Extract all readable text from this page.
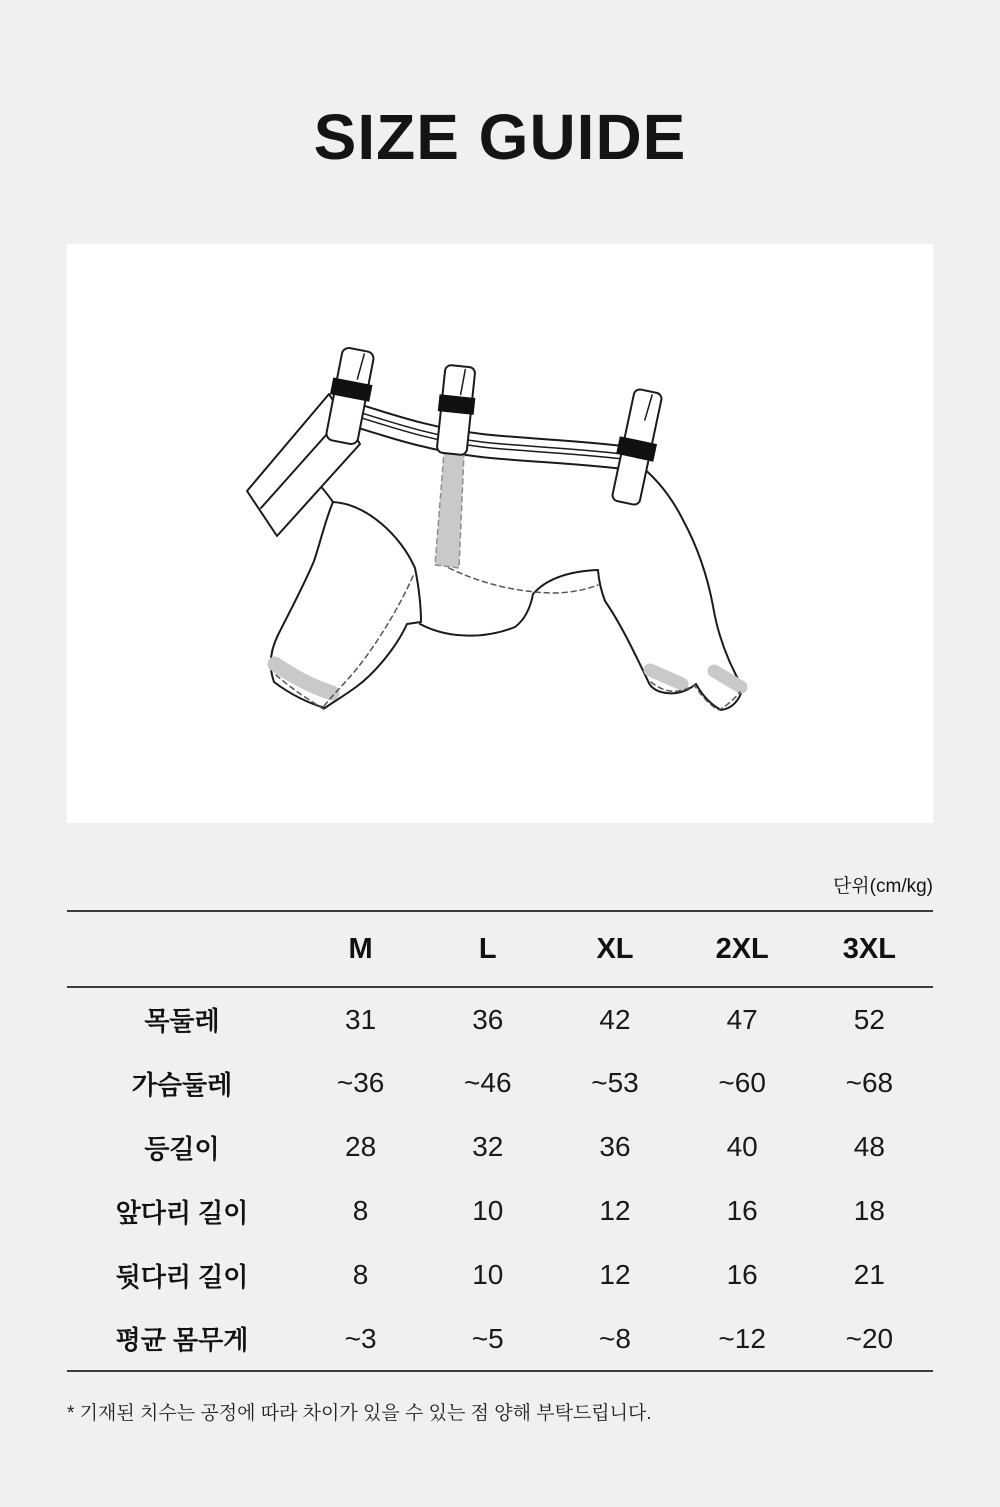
SIZE GUIDE
단위(cm/kg)
	M	L	XL	2XL	3XL
목둘레	31	36	42	47	52
가슴둘레	~36	~46	~53	~60	~68
등길이	28	32	36	40	48
앞다리 길이	8	10	12	16	18
뒷다리 길이	8	10	12	16	21
평균 몸무게	~3	~5	~8	~12	~20

* 기재된 치수는 공정에 따라 차이가 있을 수 있는 점 양해 부탁드립니다.
